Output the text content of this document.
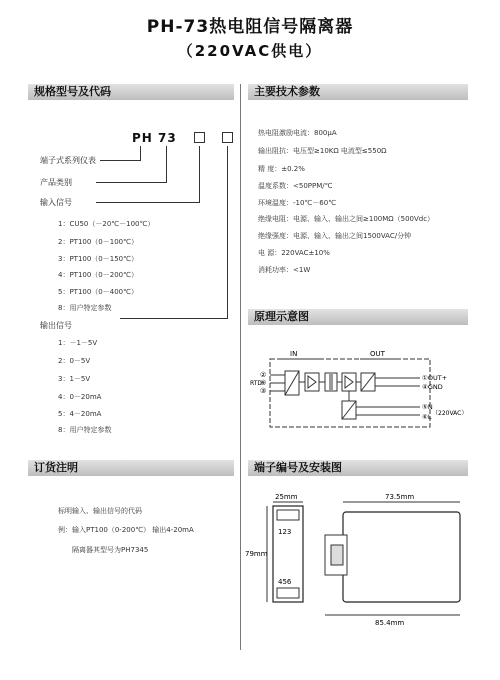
PH-73热电阻信号隔离器
（220VAC供电）
规格型号及代码	主要技术参数
原理示意图
订货注明	端子编号及安装图
PH 73
端子式系列仪表
产品类别
输入信号
1：CU50（－20℃－100℃）
2：PT100（0－100℃）
3：PT100（0－150℃）
4：PT100（0－200℃）
5：PT100（0－400℃）
8：用户特定参数
输出信号
1：－1－5V
2：0－5V
3：1－5V
4：0－20mA
5：4－20mA
8：用户特定参数
热电阻激励电流：800μA
输出阻抗：电压型≥10KΩ 电流型≤550Ω
精 度：±0.2%
温度系数：<50PPM/℃
环境温度：-10℃－60℃
绝缘电阻：电源、输入、输出之间≥100MΩ（500Vdc）
绝缘强度：电源、输入、输出之间1500VAC/分钟
电 源：220VAC±10%
消耗功率：<1W
IN	OUT
RTD
②
⑨
③
①OUT+
④GND
⑤N
⑥L （220VAC）
标明输入、输出信号的代码
例：输入PT100（0-200℃） 输出4-20mA
隔离器其型号为PH7345
25mm
123
456
79mm
73.5mm
85.4mm
